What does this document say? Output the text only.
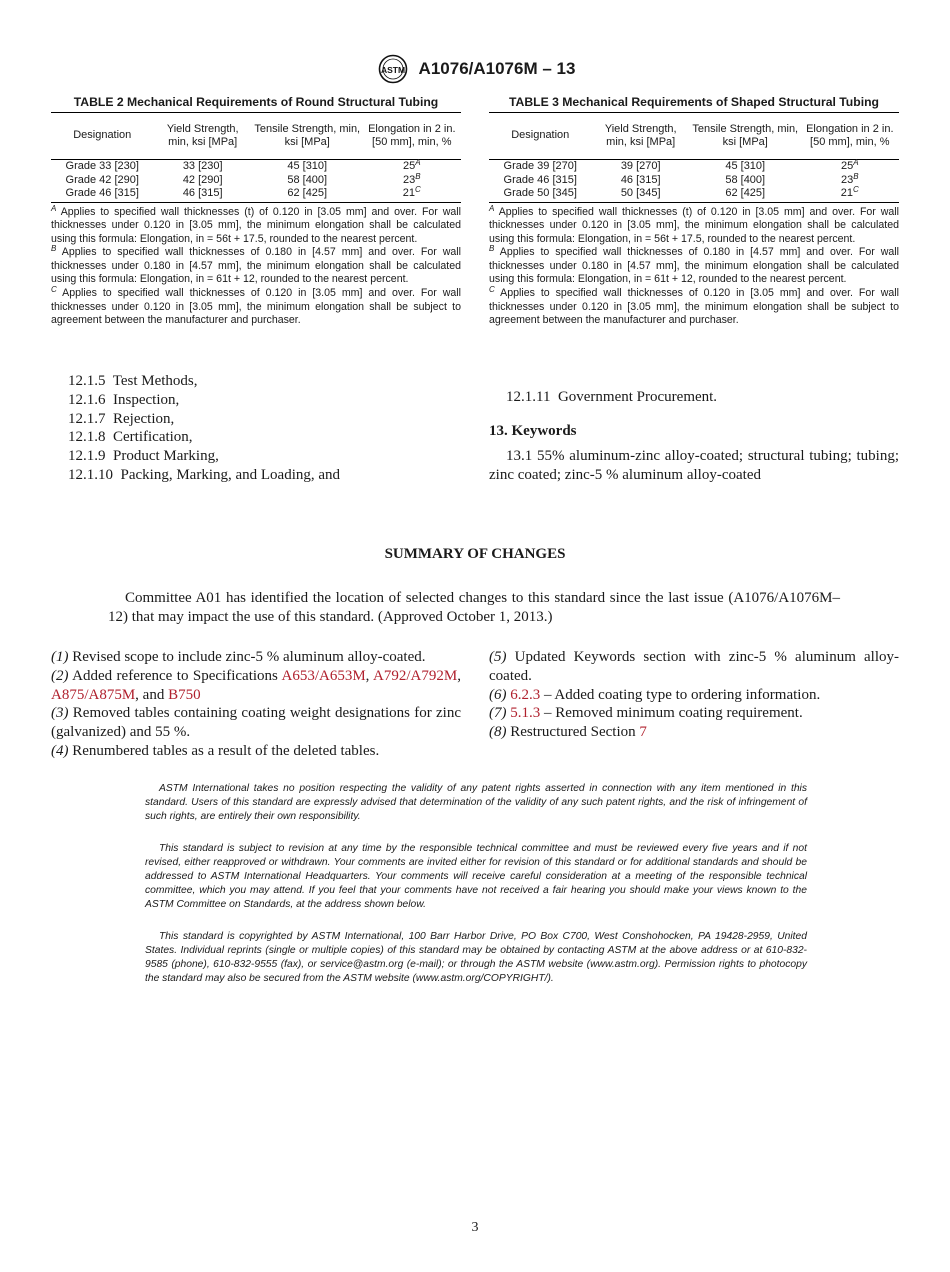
ASTM A1076/A1076M – 13
TABLE 2 Mechanical Requirements of Round Structural Tubing
Designation	Yield Strength, min, ksi [MPa]	Tensile Strength, min, ksi [MPa]	Elongation in 2 in. [50 mm], min, %
Grade 33 [230]	33 [230]	45 [310]	$25^A$
Grade 42 [290]	42 [290]	58 [400]	$23^B$
Grade 46 [315]	46 [315]	62 [425]	$21^C$

$^A$ Applies to specified wall thicknesses (t) of 0.120 in [3.05 mm] and over. For wall thicknesses under 0.120 in [3.05 mm], the minimum elongation shall be calculated using this formula: Elongation, in = 56t + 17.5, rounded to the nearest percent.

$^B$ Applies to specified wall thicknesses of 0.180 in [4.57 mm] and over. For wall thicknesses under 0.180 in [4.57 mm], the minimum elongation shall be calculated using this formula: Elongation, in = 61t + 12, rounded to the nearest percent.

$^C$ Applies to specified wall thicknesses of 0.120 in [3.05 mm] and over. For wall thicknesses under 0.120 in [3.05 mm], the minimum elongation shall be subject to agreement between the manufacturer and purchaser.

TABLE 3 Mechanical Requirements of Shaped Structural Tubing
Designation	Yield Strength, min, ksi [MPa]	Tensile Strength, min, ksi [MPa]	Elongation in 2 in. [50 mm], min, %
Grade 39 [270]	39 [270]	45 [310]	$25^A$
Grade 46 [315]	46 [315]	58 [400]	$23^B$
Grade 50 [345]	50 [345]	62 [425]	$21^C$

$^A$ Applies to specified wall thicknesses (t) of 0.120 in [3.05 mm] and over. For wall thicknesses under 0.120 in [3.05 mm], the minimum elongation shall be calculated using this formula: Elongation, in = 56t + 17.5, rounded to the nearest percent.

$^B$ Applies to specified wall thicknesses of 0.180 in [4.57 mm] and over. For wall thicknesses under 0.180 in [4.57 mm], the minimum elongation shall be calculated using this formula: Elongation, in = 61t + 12, rounded to the nearest percent.

$^C$ Applies to specified wall thicknesses of 0.120 in [3.05 mm] and over. For wall thicknesses under 0.120 in [3.05 mm], the minimum elongation shall be subject to agreement between the manufacturer and purchaser.

12.1.5  Test Methods,

12.1.6  Inspection,

12.1.7  Rejection,

12.1.8  Certification,

12.1.9  Product Marking,

12.1.10  Packing, Marking, and Loading, and

12.1.11  Government Procurement.
13. Keywords
13.1 55% aluminum-zinc alloy-coated; structural tubing; tubing; zinc coated; zinc-5 % aluminum alloy-coated
SUMMARY OF CHANGES
Committee A01 has identified the location of selected changes to this standard since the last issue (A1076/A1076M–12) that may impact the use of this standard. (Approved October 1, 2013.)

(1) Revised scope to include zinc-5 % aluminum alloy-coated.

(2) Added reference to Specifications A653/A653M, A792/A792M, A875/A875M, and B750

(3) Removed tables containing coating weight designations for zinc (galvanized) and 55 %.

(4) Renumbered tables as a result of the deleted tables.

(5) Updated Keywords section with zinc-5 % aluminum alloy-coated.

(6) 6.2.3 – Added coating type to ordering information.

(7) 5.1.3 – Removed minimum coating requirement.

(8) Restructured Section 7

ASTM International takes no position respecting the validity of any patent rights asserted in connection with any item mentioned in this standard. Users of this standard are expressly advised that determination of the validity of any such patent rights, and the risk of infringement of such rights, are entirely their own responsibility.

This standard is subject to revision at any time by the responsible technical committee and must be reviewed every five years and if not revised, either reapproved or withdrawn. Your comments are invited either for revision of this standard or for additional standards and should be addressed to ASTM International Headquarters. Your comments will receive careful consideration at a meeting of the responsible technical committee, which you may attend. If you feel that your comments have not received a fair hearing you should make your views known to the ASTM Committee on Standards, at the address shown below.

This standard is copyrighted by ASTM International, 100 Barr Harbor Drive, PO Box C700, West Conshohocken, PA 19428-2959, United States. Individual reprints (single or multiple copies) of this standard may be obtained by contacting ASTM at the above address or at 610-832-9585 (phone), 610-832-9555 (fax), or service@astm.org (e-mail); or through the ASTM website (www.astm.org). Permission rights to photocopy the standard may also be secured from the ASTM website (www.astm.org/COPYRIGHT/).

3
